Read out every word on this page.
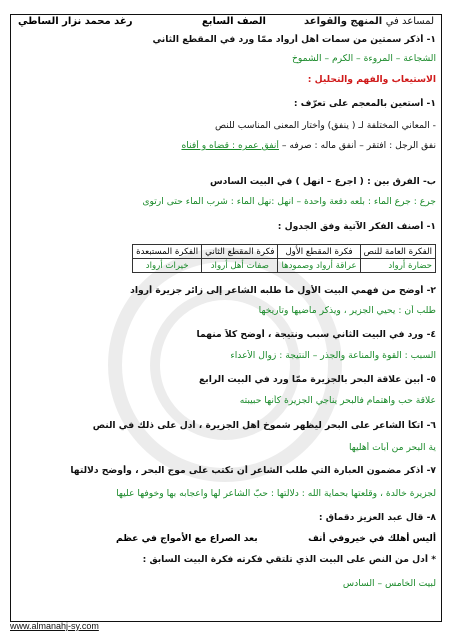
لمساعد في المنهج والقواعد
الصف السابع
رغد محمد نزار الساطي
١- أذكر سمتين من سمات أهل أرواد ممّا ورد في المقطع الثاني
الشجاعة – المروءة – الكرم – الشموخ
الاستيعاب والفهم والتحليل :
١- أستعين بالمعجم على تعرّف :
- المعاني المختلفة لـ ( ينفق) وأختار المعنى المناسب للنص
نفق الرجل : افتقر – أنفق ماله : صرفه – أنفق عمره : قضاه و أفناه
ب- الفرق بين : ( اجرع – انهل ) في البيت السادس
جرع : جرع الماء : بلعه دفعة واحدة – انهل :نهل الماء : شرب الماء حتى ارتوى
١- أصنف الفكر الآتية وفق الجدول :
الفكرة العامة للنص	فكرة المقطع الأول	فكرة المقطع الثاني	الفكرة المستبعدة
حضارة أرواد	عراقة أرواد وصمودها	صفات أهل أرواد	خيرات أرواد
٢- أوضح من فهمي البيت الأول ما طلبه الشاعر إلى زائر جزيرة أرواد
طلب أن : يحيي الجزير ، ويذكر ماضيها وتاريخها
٤- ورد في البيت الثاني سبب ونتيجة ، أوضح كلاً منهما
السبب : القوة والمناعة والجذر – النتيجة : زوال الأعداء
٥- أبين علاقة البحر بالجزيرة ممّا ورد في البيت الرابع
علاقة حب واهتمام فالبحر يناجي الجزيرة كأنها حبيبته
٦- اتكأ الشاعر على البحر ليظهر شموخ أهل الجزيرة ، أدل على ذلك في النص
ية البحر من أبات أهليها
٧- أذكر مضمون العبارة التي طلب الشاعر أن تكتب على موج البحر ، وأوضح دلالتها
لجزيرة خالدة ، وقلعتها بحماية الله : دلالتها : حبّ الشاعر لها واعجابه بها وخوفها عليها
٨- قال عبد العزيز دقماق :
أليس أهلك في خيروفي أنف
بعد الصراع مع الأمواج في عظم
* أدل من النص على البيت الذي تلتقي فكرته فكرة البيت السابق :
لبيت الخامس – السادس
www.almanahj-sy.com
